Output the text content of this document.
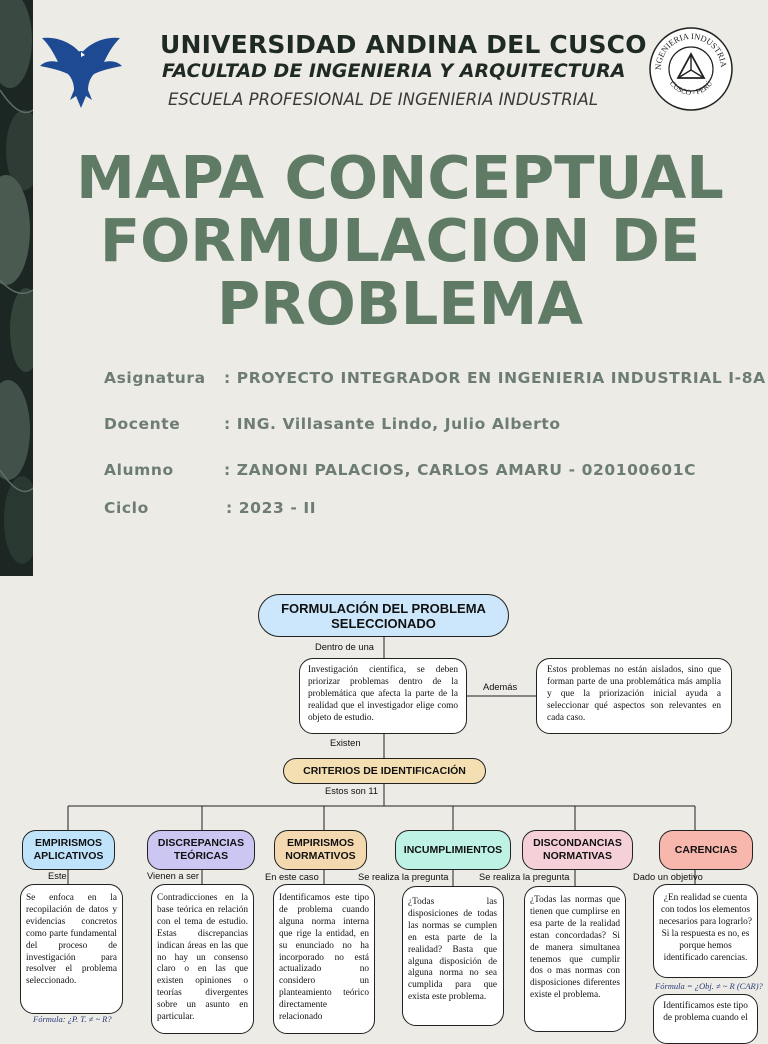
UNIVERSIDAD ANDINA DEL CUSCO
FACULTAD DE INGENIERIA Y ARQUITECTURA
ESCUELA PROFESIONAL DE INGENIERIA INDUSTRIAL
NGENIERIA INDUSTRIA
CUSCO - PERÚ
MAPA CONCEPTUAL
FORMULACION DE
PROBLEMA
Asignatura : PROYECTO INTEGRADOR EN INGENIERIA INDUSTRIAL I-8A
Docente	: ING. Villasante Lindo, Julio Alberto
Alumno	: ZANONI PALACIOS, CARLOS AMARU - 020100601C
Ciclo	: 2023 - II
FORMULACIÓN DEL PROBLEMA SELECCIONADO
Dentro de una
Investigación científica, se deben priorizar problemas dentro de la problemática que afecta la parte de la realidad que el investigador elige como objeto de estudio.
Además
Estos problemas no están aislados, sino que forman parte de una problemática más amplia y que la priorización inicial ayuda a seleccionar qué aspectos son relevantes en cada caso.
Existen
CRITERIOS DE IDENTIFICACIÓN
Estos son 11
EMPIRISMOS APLICATIVOS
DISCREPANCIAS TEÓRICAS
EMPIRISMOS NORMATIVOS
INCUMPLIMIENTOS
DISCONDANCIAS NORMATIVAS
CARENCIAS
Este	Vienen a ser	En este caso	Se realiza la pregunta	Se realiza la pregunta	Dado un objetivo
Se enfoca en la recopilación de datos y evidencias concretos como parte fundamental del proceso de investigación para resolver el problema seleccionado.
Contradicciones en la base teórica en relación con el tema de estudio. Estas discrepancias indican áreas en las que no hay un consenso claro o en las que existen opiniones o teorías divergentes sobre un asunto en particular.
Identificamos este tipo de problema cuando alguna norma interna que rige la entidad, en su enunciado no ha incorporado no está actualizado no considero un planteamiento teórico directamente relacionado
¿Todas las disposiciones de todas las normas se cumplen en esta parte de la realidad? Basta que alguna disposición de alguna norma no sea cumplida para que exista este problema.
¿Todas las normas que tienen que cumplirse en esa parte de la realidad estan concordadas? Si de manera simultanea tenemos que cumplir dos o mas normas con disposiciones diferentes existe el problema.
¿En realidad se cuenta con todos los elementos necesarios para lograrlo? Si la respuesta es no, es porque hemos identificado carencias.
Fórmula: ¿P. T. ≠ ~ R?
Fórmula = ¿Obj. ≠ ~ R (CAR)?
Identificamos este tipo de problema cuando el
